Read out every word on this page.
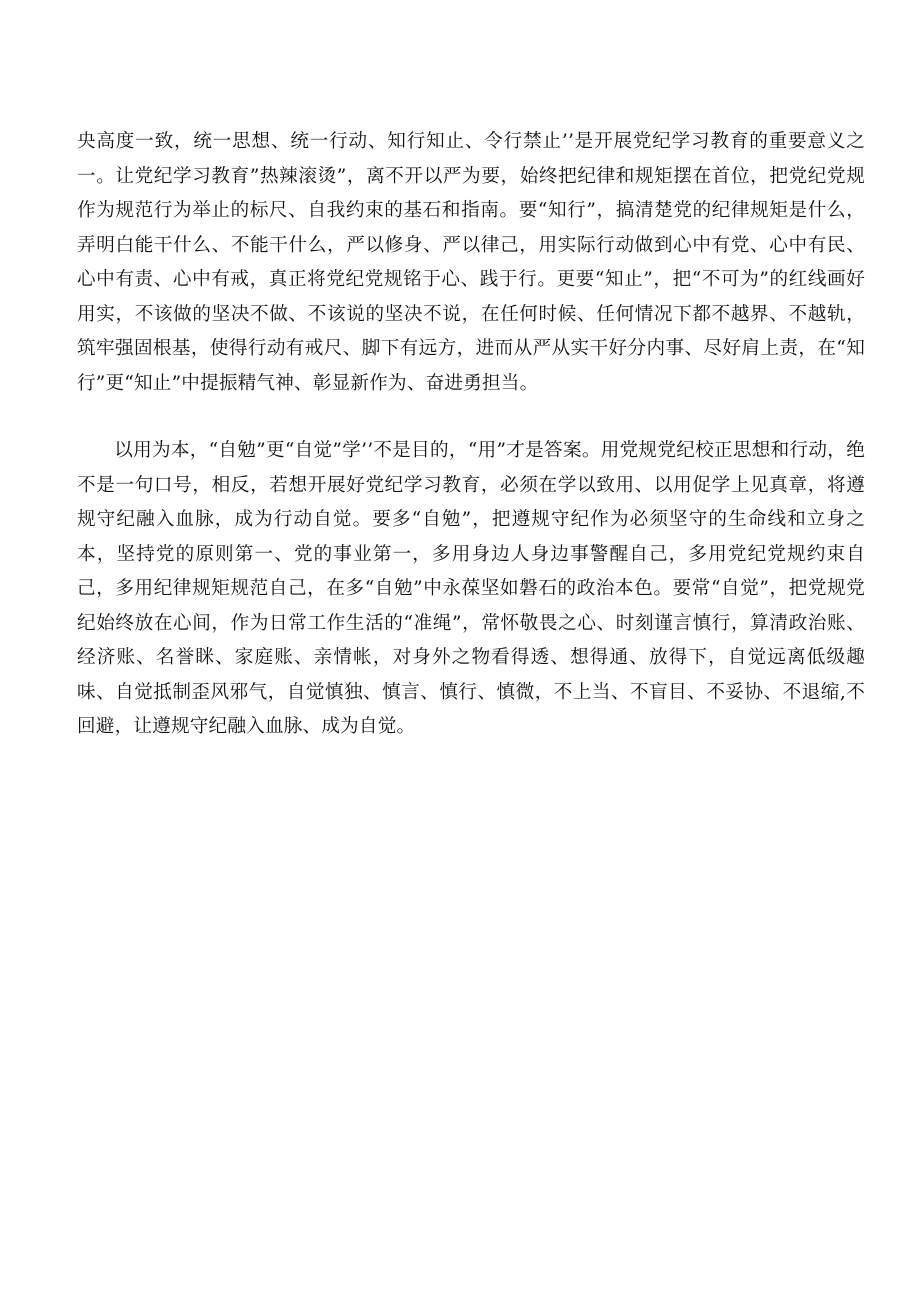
央高度一致，统一思想、统一行动、知行知止、令行禁止’’是开展党纪学习教育的重要意义之一。让党纪学习教育”热辣滚烫”，离不开以严为要，始终把纪律和规矩摆在首位，把党纪党规作为规范行为举止的标尺、自我约束的基石和指南。要“知行”，搞清楚党的纪律规矩是什么，弄明白能干什么、不能干什么，严以修身、严以律己，用实际行动做到心中有党、心中有民、心中有责、心中有戒，真正将党纪党规铭于心、践于行。更要“知止”，把“不可为”的红线画好用实，不该做的坚决不做、不该说的坚决不说，在任何时候、任何情况下都不越界、不越轨，筑牢强固根基，使得行动有戒尺、脚下有远方，进而从严从实干好分内事、尽好肩上责，在“知行”更“知止”中提振精气神、彰显新作为、奋进勇担当。

以用为本，“自勉”更“自觉”学’’不是目的，“用”才是答案。用党规党纪校正思想和行动，绝不是一句口号，相反，若想开展好党纪学习教育，必须在学以致用、以用促学上见真章，将遵规守纪融入血脉，成为行动自觉。要多“自勉”，把遵规守纪作为必须坚守的生命线和立身之本，坚持党的原则第一、党的事业第一，多用身边人身边事警醒自己，多用党纪党规约束自己，多用纪律规矩规范自己，在多“自勉”中永葆坚如磐石的政治本色。要常“自觉”，把党规党纪始终放在心间，作为日常工作生活的“准绳”，常怀敬畏之心、时刻谨言慎行，算清政治账、经济账、名誉眯、家庭账、亲情帐，对身外之物看得透、想得通、放得下，自觉远离低级趣味、自觉抵制歪风邪气，自觉慎独、慎言、慎行、慎微，不上当、不盲目、不妥协、不退缩,不回避，让遵规守纪融入血脉、成为自觉。
